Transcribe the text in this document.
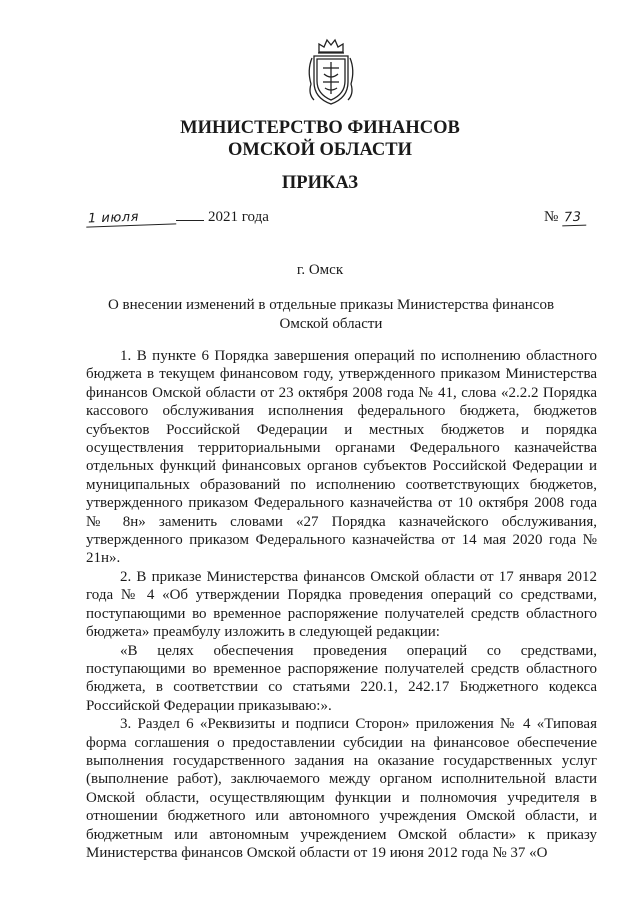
МИНИСТЕРСТВО ФИНАНСОВ
ОМСКОЙ ОБЛАСТИ
ПРИКАЗ
1 июля	2021 года	№ 73
г. Омск
О внесении изменений в отдельные приказы Министерства финансов Омской области

1. В пункте 6 Порядка завершения операций по исполнению областного бюджета в текущем финансовом году, утвержденного приказом Министерства финансов Омской области от 23 октября 2008 года № 41, слова «2.2.2 Порядка кассового обслуживания исполнения федерального бюджета, бюджетов субъектов Российской Федерации и местных бюджетов и порядка осуществления территориальными органами Федерального казначейства отдельных функций финансовых органов субъектов Российской Федерации и муниципальных образований по исполнению соответствующих бюджетов, утвержденного приказом Федерального казначейства от 10 октября 2008 года № 8н» заменить словами «27 Порядка казначейского обслуживания, утвержденного приказом Федерального казначейства от 14 мая 2020 года № 21н».

2. В приказе Министерства финансов Омской области от 17 января 2012 года № 4 «Об утверждении Порядка проведения операций со средствами, поступающими во временное распоряжение получателей средств областного бюджета» преамбулу изложить в следующей редакции:

«В целях обеспечения проведения операций со средствами, поступающими во временное распоряжение получателей средств областного бюджета, в соответствии со статьями 220.1, 242.17 Бюджетного кодекса Российской Федерации приказываю:».

3. Раздел 6 «Реквизиты и подписи Сторон» приложения № 4 «Типовая форма соглашения о предоставлении субсидии на финансовое обеспечение выполнения государственного задания на оказание государственных услуг (выполнение работ), заключаемого между органом исполнительной власти Омской области, осуществляющим функции и полномочия учредителя в отношении бюджетного или автономного учреждения Омской области, и бюджетным или автономным учреждением Омской области» к приказу Министерства финансов Омской области от 19 июня 2012 года № 37 «О
